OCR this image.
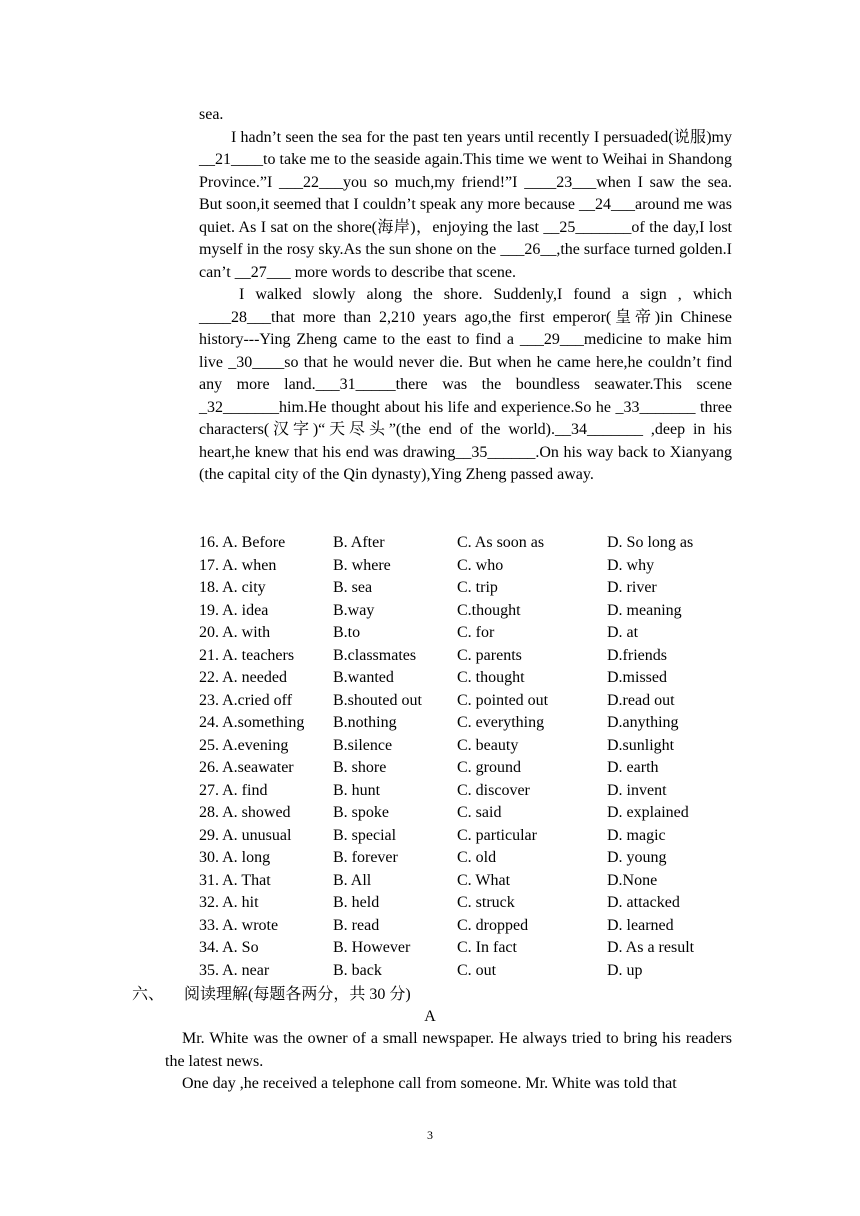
sea.

I hadn’t seen the sea for the past ten years until recently I persuaded(说服)my __21____to take me to the seaside again.This time we went to Weihai in Shandong Province.”I ___22___you so much,my friend!”I ____23___when I saw the sea. But soon,it seemed that I couldn’t speak any more because __24___around me was quiet. As I sat on the shore(海岸)，enjoying the last __25_______of the day,I lost myself in the rosy sky.As the sun shone on the ___26__,the surface turned golden.I can’t __27___ more words to describe that scene.

I walked slowly along the shore. Suddenly,I found a sign , which ____28___that more than 2,210 years ago,the first emperor(皇帝)in Chinese history---Ying Zheng came to the east to find a ___29___medicine to make him live _30____so that he would never die. But when he came here,he couldn’t find any more land.___31_____there was the boundless seawater.This scene _32_______him.He thought about his life and experience.So he _33_______ three characters(汉字)“天尽头”(the end of the world).__34_______ ,deep in his heart,he knew that his end was drawing__35______.On his way back to Xianyang (the capital city of the Qin dynasty),Ying Zheng passed away.

16. A. Before	B. After	C. As soon as	D. So long as
17. A. when	B. where	C. who	D. why
18. A. city	B. sea	C. trip	D. river
19. A. idea	B.way	C.thought	D. meaning
20. A. with	B.to	C. for	D. at
21. A. teachers B.classmates	C. parents	D.friends
22. A. needed	B.wanted	C. thought	D.missed
23. A.cried off	B.shouted out C. pointed out	D.read out
24. A.something B.nothing	C. everything	D.anything
25. A.evening	B.silence	C. beauty	D.sunlight
26. A.seawater B. shore	C. ground	D. earth
27. A. find	B. hunt	C. discover	D. invent
28. A. showed	B. spoke	C. said	D. explained
29. A. unusual	B. special	C. particular	D. magic
30. A. long	B. forever	C. old	D. young
31. A. That	B. All	C. What	D.None
32. A. hit	B. held	C. struck	D. attacked
33. A. wrote	B. read	C. dropped	D. learned
34. A. So	B. However	C. In fact	D. As a result
35. A. near	B. back	C. out	D. up
六、 阅读理解(每题各两分，共 30 分)
A

Mr. White was the owner of a small newspaper. He always tried to bring his readers the latest news.

One day ,he received a telephone call from someone. Mr. White was told that

3
